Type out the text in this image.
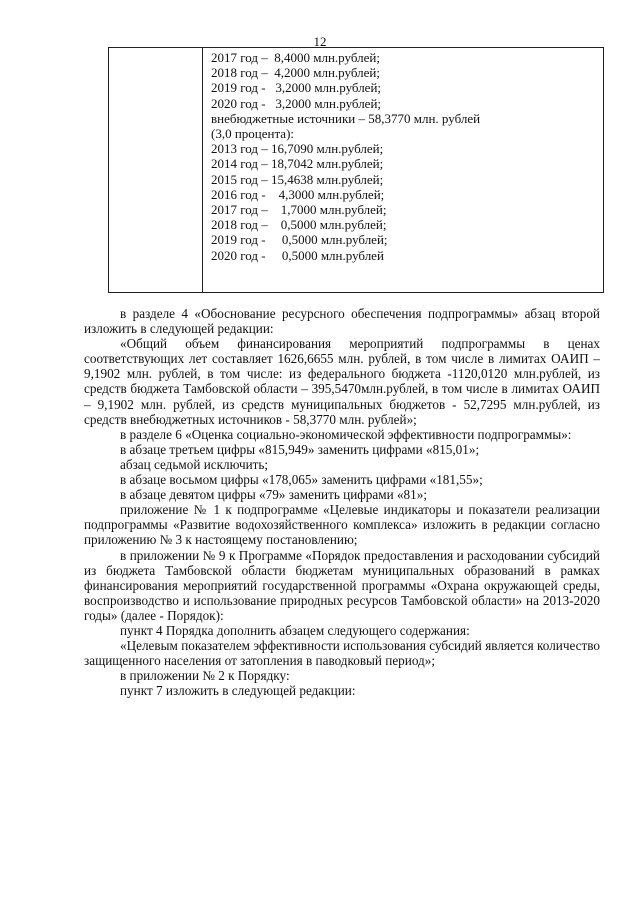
12
2017 год –  8,4000 млн.рублей;
2018 год –  4,2000 млн.рублей;
2019 год -   3,2000 млн.рублей;
2020 год -   3,2000 млн.рублей;
внебюджетные источники – 58,3770 млн. рублей
(3,0 процента):
2013 год – 16,7090 млн.рублей;
2014 год – 18,7042 млн.рублей;
2015 год – 15,4638 млн.рублей;
2016 год -    4,3000 млн.рублей;
2017 год –    1,7000 млн.рублей;
2018 год –    0,5000 млн.рублей;
2019 год -     0,5000 млн.рублей;
2020 год -     0,5000 млн.рублей

в разделе 4 «Обоснование ресурсного обеспечения подпрограммы» абзац второй изложить в следующей редакции:

«Общий объем финансирования мероприятий подпрограммы в ценах соответствующих лет составляет 1626,6655 млн. рублей, в том числе в лимитах ОАИП – 9,1902 млн. рублей, в том числе: из федерального бюджета -1120,0120 млн.рублей, из средств бюджета Тамбовской области – 395,5470млн.рублей, в том числе в лимитах ОАИП – 9,1902 млн. рублей, из средств муниципальных бюджетов - 52,7295 млн.рублей, из средств внебюджетных источников - 58,3770 млн. рублей»;

в разделе 6 «Оценка социально-экономической эффективности подпрограммы»:

в абзаце третьем цифры «815,949» заменить цифрами «815,01»;

абзац седьмой исключить;

в абзаце восьмом цифры «178,065» заменить цифрами «181,55»;

в абзаце девятом цифры «79» заменить цифрами «81»;

приложение № 1 к подпрограмме «Целевые индикаторы и показатели реализации подпрограммы «Развитие водохозяйственного комплекса» изложить в редакции согласно приложению № 3 к настоящему постановлению;

в приложении № 9 к Программе «Порядок предоставления и расходовании субсидий из бюджета Тамбовской области бюджетам муниципальных образований в рамках финансирования мероприятий государственной программы «Охрана окружающей среды, воспроизводство и использование природных ресурсов Тамбовской области» на 2013-2020 годы» (далее - Порядок):

пункт 4 Порядка дополнить абзацем следующего содержания:

«Целевым показателем эффективности использования субсидий является количество защищенного населения от затопления в паводковый период»;

в приложении № 2 к Порядку:

пункт 7 изложить в следующей редакции:
